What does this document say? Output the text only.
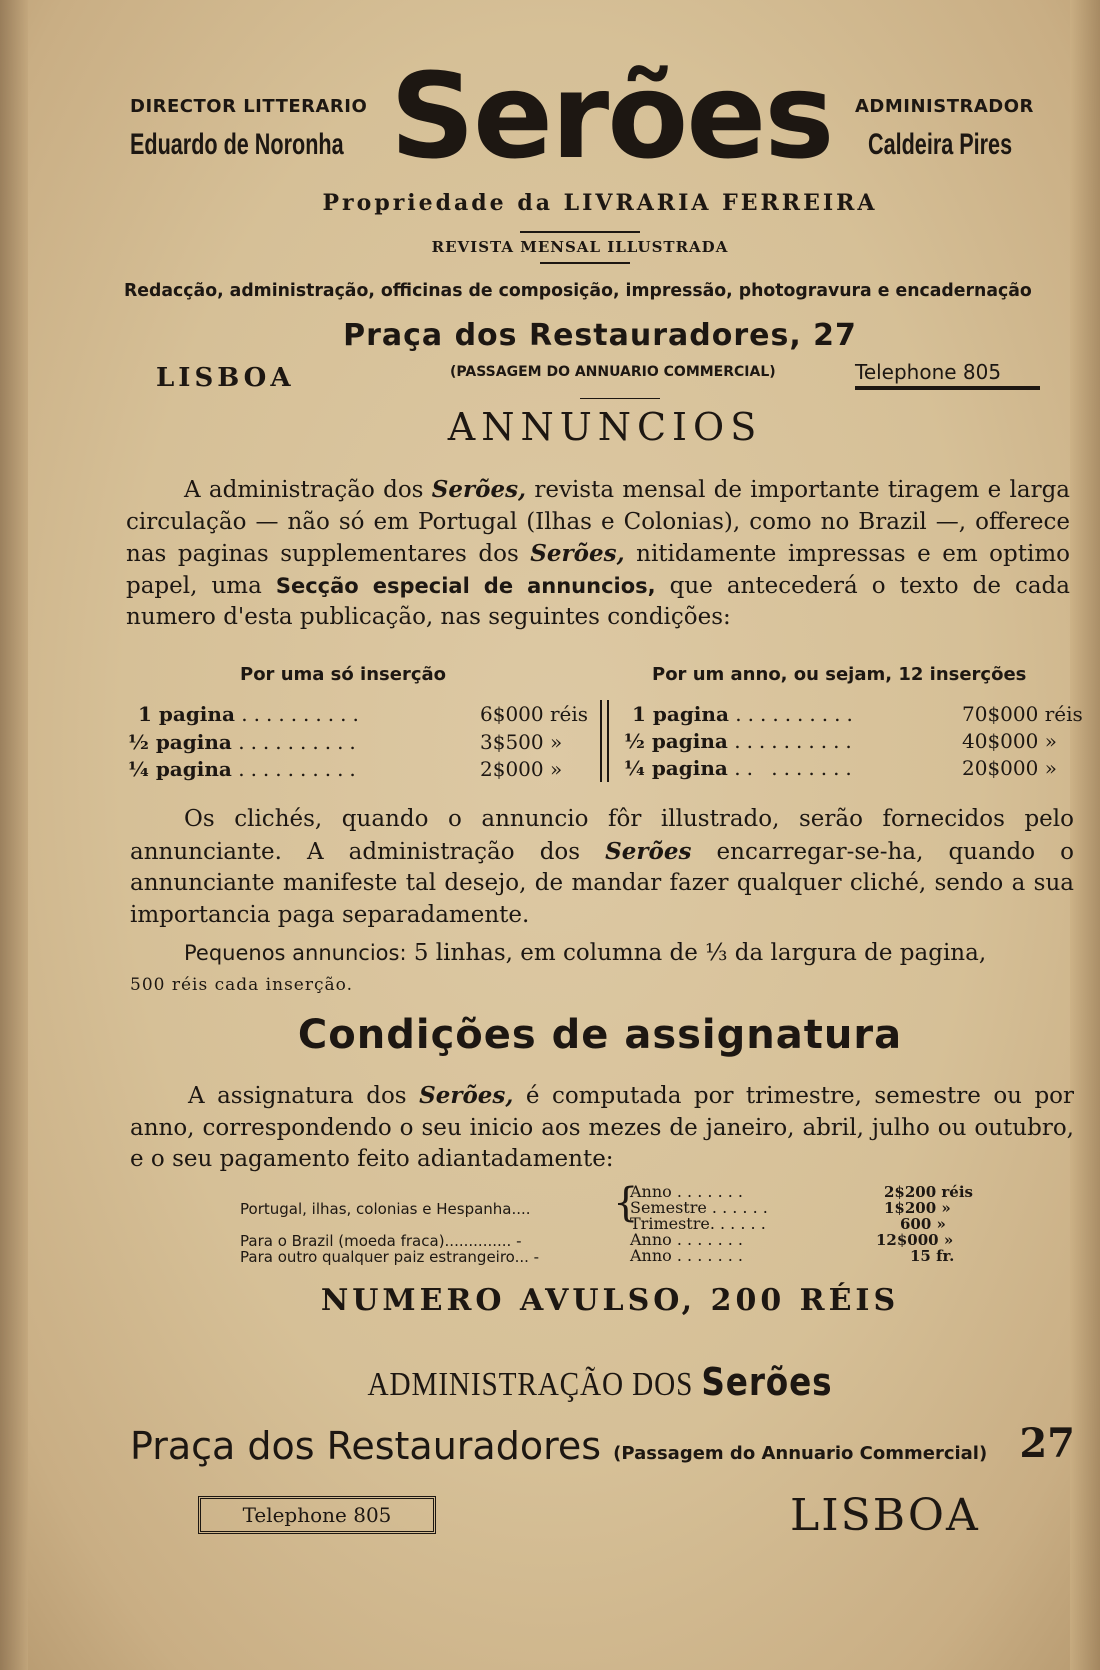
DIRECTOR LITTERARIO
Eduardo de Noronha Serões ADMINISTRADOR
Caldeira Pires
Propriedade da LIVRARIA FERREIRA
REVISTA MENSAL ILLUSTRADA
Redacção, administração, officinas de composição, impressão, photogravura e encadernação
Praça dos Restauradores, 27
LISBOA	(PASSAGEM DO ANNUARIO COMMERCIAL)	Telephone 805
ANNUNCIOS

A administração dos Serões, revista mensal de importante tiragem e larga circulação — não só em Portugal (Ilhas e Colonias), como no Brazil —, offerece nas paginas supplementares dos Serões, nitidamente impressas e em optimo papel, uma Secção especial de annuncios, que antecederá o texto de cada numero d'esta publicação, nas seguintes condições:

Por uma só inserção	Por um anno, ou sejam, 12 inserções
1 pagina ..........	6$000 réis
½ pagina ..........	3$500 »
¼ pagina ..........	2$000 »
1 pagina ..........	70$000 réis
½ pagina ..........	40$000 »
¼ pagina .. .......	20$000 »

Os clichés, quando o annuncio fôr illustrado, serão fornecidos pelo annunciante. A administração dos Serões encarregar-se-ha, quando o annunciante manifeste tal desejo, de mandar fazer qualquer cliché, sendo a sua importancia paga separadamente.

Pequenos annuncios: 5 linhas, em columna de ⅓ da largura de pagina,
500 réis cada inserção.
Condições de assignatura

A assignatura dos Serões, é computada por trimestre, semestre ou por anno, correspondendo o seu inicio aos mezes de janeiro, abril, julho ou outubro, e o seu pagamento feito adiantadamente:

Portugal, ilhas, colonias e Hespanha.... {
Anno . . . . . . .	2$200 réis
Semestre . . . . . .	1$200 »
Trimestre. . . . . .	600 »
Para o Brazil (moeda fraca).............. -	Anno . . . . . . .	12$000 »
Para outro qualquer paiz estrangeiro... -	Anno . . . . . . .	15 fr.
NUMERO AVULSO, 200 RÉIS
ADMINISTRAÇÃO DOS Serões
Praça dos Restauradores (Passagem do Annuario Commercial) 27
Telephone 805	LISBOA
